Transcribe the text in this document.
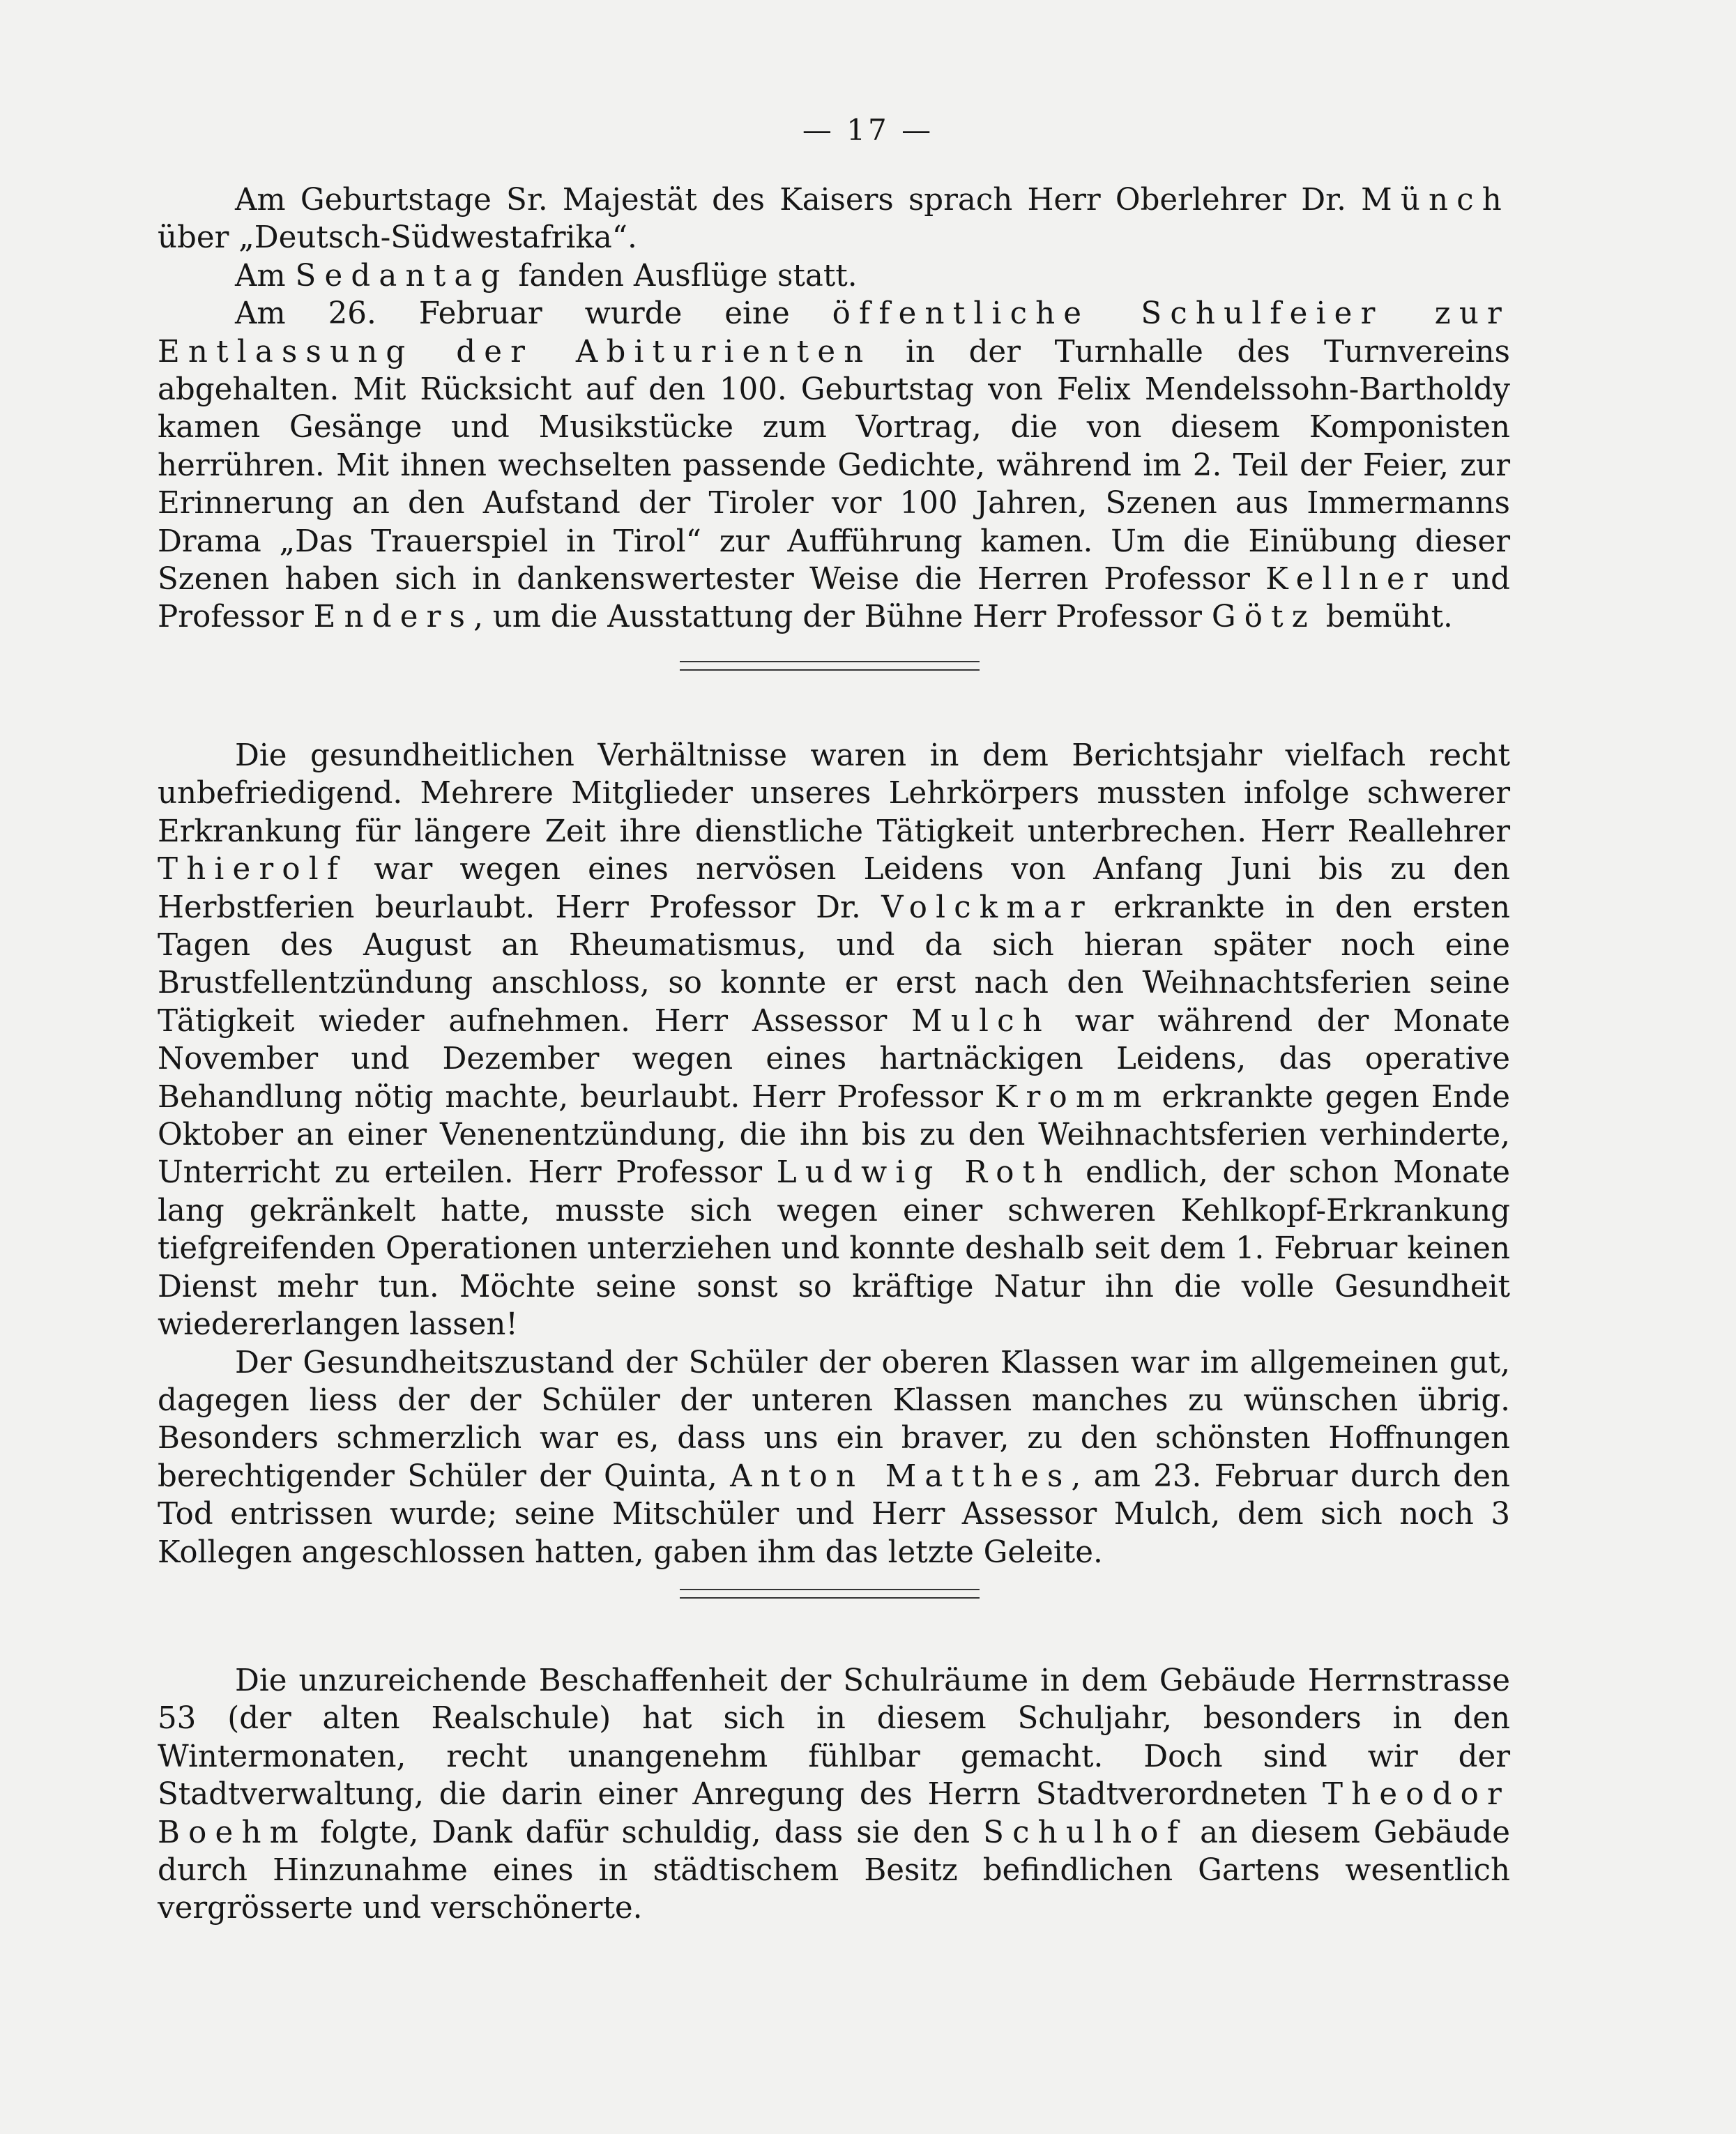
— 17 —

Am Geburtstage Sr. Majestät des Kaisers sprach Herr Oberlehrer Dr. Münch über „Deutsch-Südwestafrika“.

Am Sedantag fanden Ausflüge statt.

Am 26. Februar wurde eine öffentliche Schulfeier zur Entlassung der Abiturienten in der Turnhalle des Turnvereins abgehalten. Mit Rücksicht auf den 100. Geburtstag von Felix Mendelssohn-Bartholdy kamen Gesänge und Musikstücke zum Vortrag, die von diesem Komponisten herrühren. Mit ihnen wechselten passende Gedichte, während im 2. Teil der Feier, zur Erinnerung an den Aufstand der Tiroler vor 100 Jahren, Szenen aus Immermanns Drama „Das Trauerspiel in Tirol“ zur Aufführung kamen. Um die Einübung dieser Szenen haben sich in dankenswertester Weise die Herren Professor Kellner und Professor Enders, um die Ausstattung der Bühne Herr Professor Götz bemüht.

Die gesundheitlichen Verhältnisse waren in dem Berichtsjahr vielfach recht unbefriedigend. Mehrere Mitglieder unseres Lehrkörpers mussten infolge schwerer Erkrankung für längere Zeit ihre dienstliche Tätigkeit unterbrechen. Herr Reallehrer Thierolf war wegen eines nervösen Leidens von Anfang Juni bis zu den Herbstferien beurlaubt. Herr Professor Dr. Volckmar erkrankte in den ersten Tagen des August an Rheumatismus, und da sich hieran später noch eine Brustfellentzündung anschloss, so konnte er erst nach den Weihnachtsferien seine Tätigkeit wieder aufnehmen. Herr Assessor Mulch war während der Monate November und Dezember wegen eines hartnäckigen Leidens, das operative Behandlung nötig machte, beurlaubt. Herr Professor Kromm erkrankte gegen Ende Oktober an einer Venenentzündung, die ihn bis zu den Weihnachtsferien verhinderte, Unterricht zu erteilen. Herr Professor Ludwig Roth endlich, der schon Monate lang gekränkelt hatte, musste sich wegen einer schweren Kehlkopf-Erkrankung tiefgreifenden Operationen unterziehen und konnte deshalb seit dem 1. Februar keinen Dienst mehr tun. Möchte seine sonst so kräftige Natur ihn die volle Gesundheit wiedererlangen lassen!

Der Gesundheitszustand der Schüler der oberen Klassen war im allgemeinen gut, dagegen liess der der Schüler der unteren Klassen manches zu wünschen übrig. Besonders schmerzlich war es, dass uns ein braver, zu den schönsten Hoffnungen berechtigender Schüler der Quinta, Anton Matthes, am 23. Februar durch den Tod entrissen wurde; seine Mitschüler und Herr Assessor Mulch, dem sich noch 3 Kollegen angeschlossen hatten, gaben ihm das letzte Geleite.

Die unzureichende Beschaffenheit der Schulräume in dem Gebäude Herrnstrasse 53 (der alten Realschule) hat sich in diesem Schuljahr, besonders in den Wintermonaten, recht unangenehm fühlbar gemacht. Doch sind wir der Stadtverwaltung, die darin einer Anregung des Herrn Stadtverordneten Theodor Boehm folgte, Dank dafür schuldig, dass sie den Schulhof an diesem Gebäude durch Hinzunahme eines in städtischem Besitz befindlichen Gartens wesentlich vergrösserte und verschönerte.
